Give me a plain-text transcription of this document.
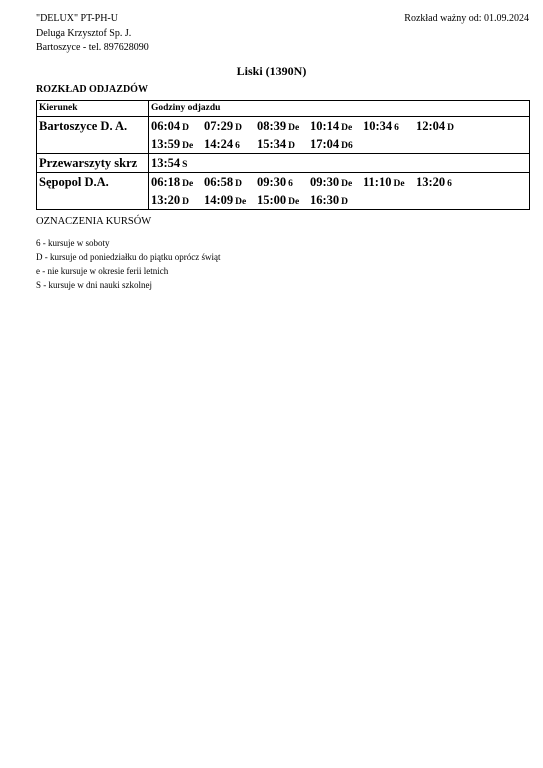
"DELUX" PT-PH-U
Deluga Krzysztof Sp. J.
Bartoszyce - tel. 897628090
Rozkład ważny od: 01.09.2024
Liski (1390N)
ROZKŁAD ODJAZDÓW
Kierunek	Godziny odjazdu
Bartoszyce D. A.	06:04 D 07:29 D 08:39 De 10:14 De 10:34 6 12:04 D
13:59 De 14:24 6 15:34 D 17:04 D6

Przewarszyty skrz	13:54 S

Sępopol D.A.	06:18 De 06:58 D 09:30 6 09:30 De 11:10 De 13:20 6
13:20 D 14:09 De 15:00 De 16:30 D
OZNACZENIA KURSÓW
6 - kursuje w soboty
D - kursuje od poniedziałku do piątku oprócz świąt
e - nie kursuje w okresie ferii letnich
S - kursuje w dni nauki szkolnej
